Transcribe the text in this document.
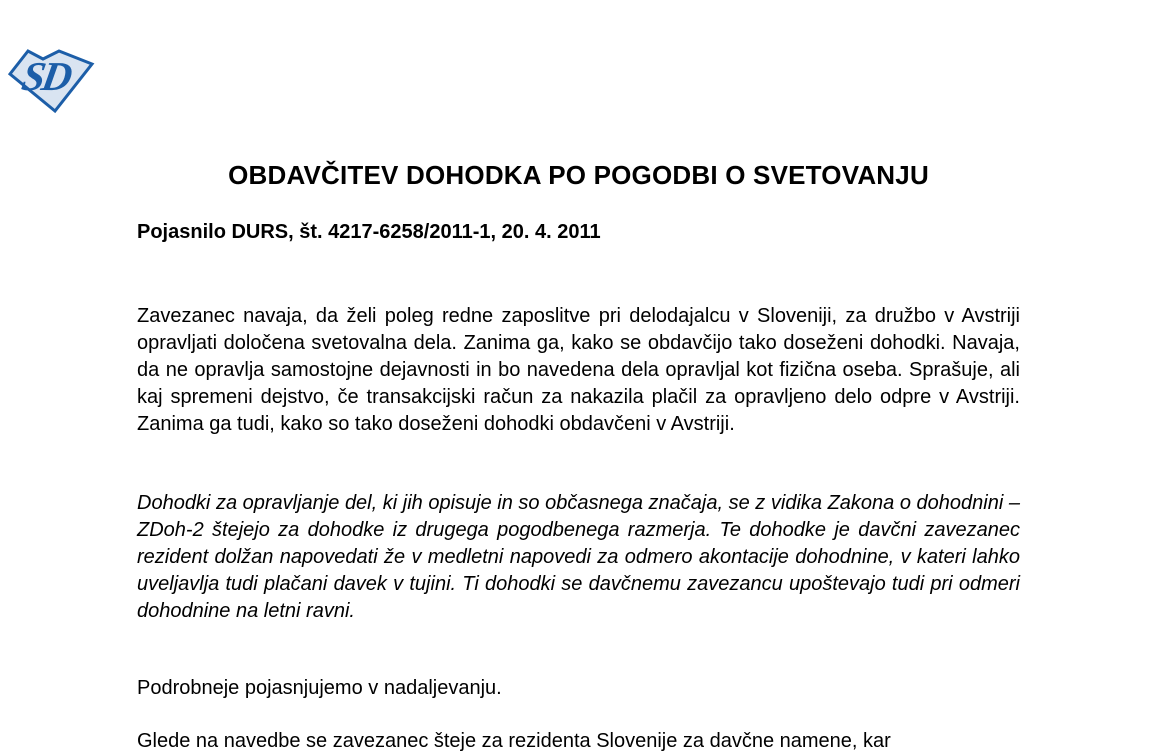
SD
OBDAVČITEV DOHODKA PO POGODBI O SVETOVANJU
Pojasnilo DURS, št. 4217-6258/2011-1, 20. 4. 2011

Zavezanec navaja, da želi poleg redne zaposlitve pri delodajalcu v Sloveniji, za družbo v Avstriji opravljati določena svetovalna dela. Zanima ga, kako se obdavčijo tako doseženi dohodki. Navaja, da ne opravlja samostojne dejavnosti in bo navedena dela opravljal kot fizična oseba. Sprašuje, ali kaj spremeni dejstvo, če transakcijski račun za nakazila plačil za opravljeno delo odpre v Avstriji. Zanima ga tudi, kako so tako doseženi dohodki obdavčeni v Avstriji.

Dohodki za opravljanje del, ki jih opisuje in so občasnega značaja, se z vidika Zakona o dohodnini – ZDoh-2 štejejo za dohodke iz drugega pogodbenega razmerja. Te dohodke je davčni zavezanec rezident dolžan napovedati že v medletni napovedi za odmero akontacije dohodnine, v kateri lahko uveljavlja tudi plačani davek v tujini. Ti dohodki se davčnemu zavezancu upoštevajo tudi pri odmeri dohodnine na letni ravni.

Podrobneje pojasnjujemo v nadaljevanju.

Glede na navedbe se zavezanec šteje za rezidenta Slovenije za davčne namene, kar
